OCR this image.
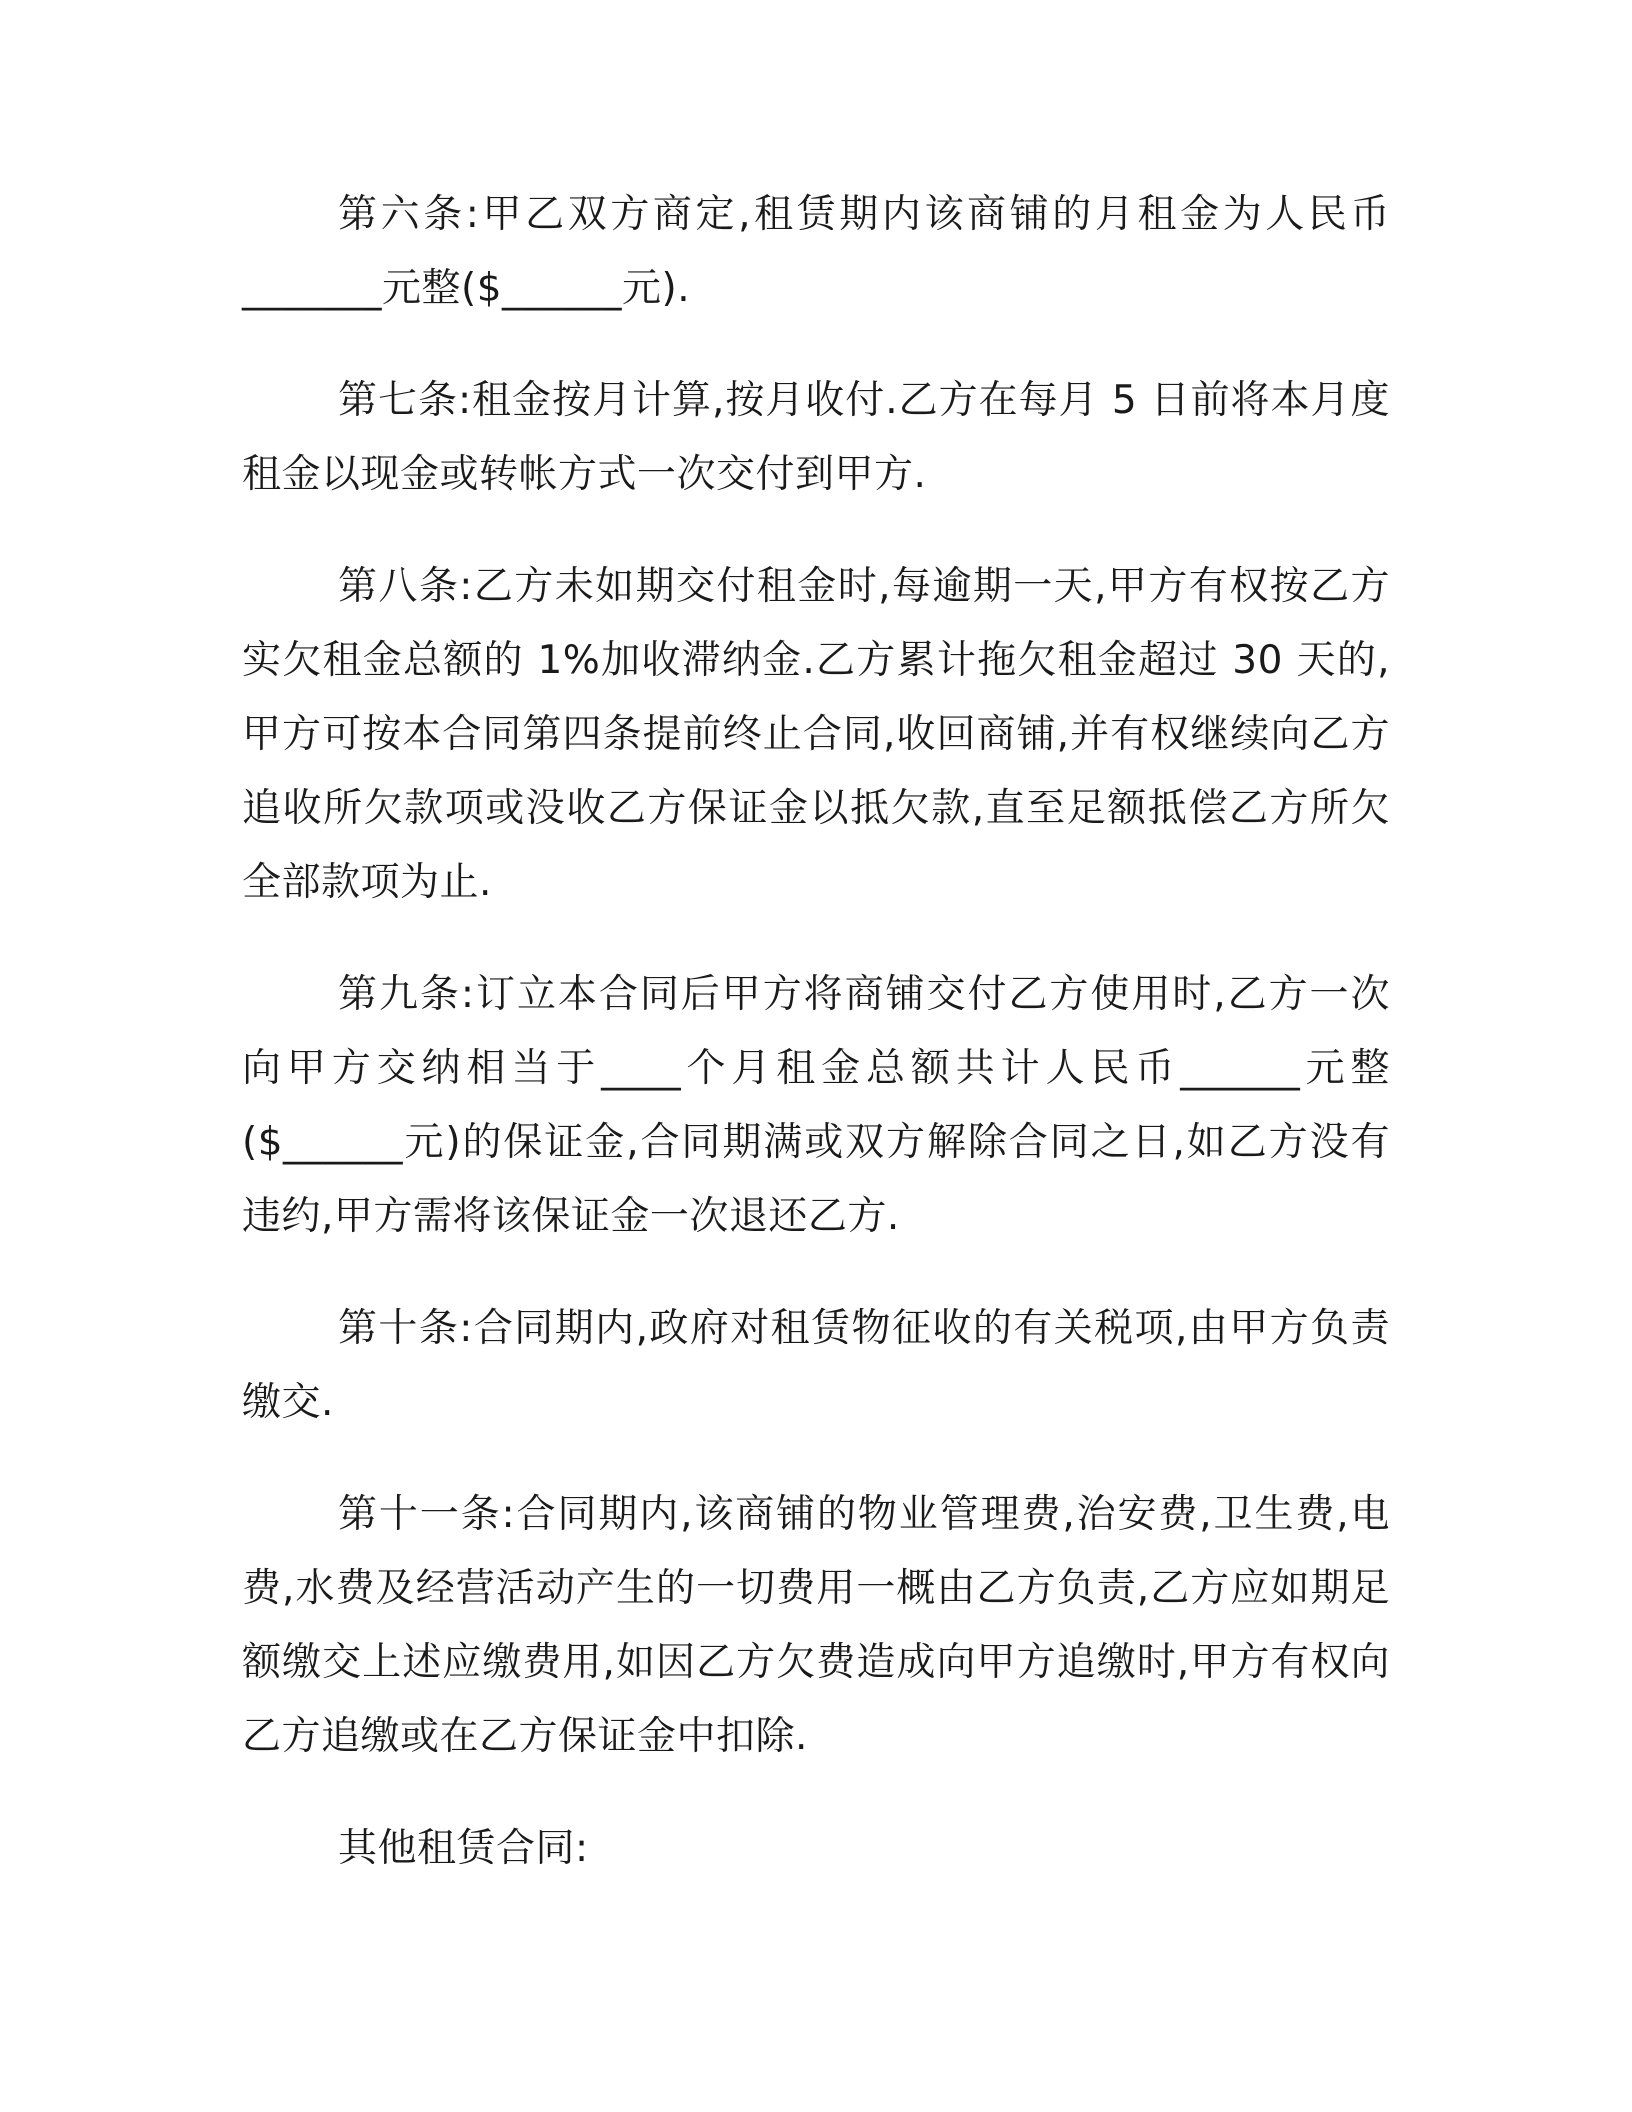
第六条:甲乙双方商定,租赁期内该商铺的月租金为人民币_______元整($______元).

第七条:租金按月计算,按月收付.乙方在每月 5 日前将本月度租金以现金或转帐方式一次交付到甲方.

第八条:乙方未如期交付租金时,每逾期一天,甲方有权按乙方实欠租金总额的 1%加收滞纳金.乙方累计拖欠租金超过 30 天的,甲方可按本合同第四条提前终止合同,收回商铺,并有权继续向乙方追收所欠款项或没收乙方保证金以抵欠款,直至足额抵偿乙方所欠全部款项为止.

第九条:订立本合同后甲方将商铺交付乙方使用时,乙方一次向甲方交纳相当于____个月租金总额共计人民币______元整($______元)的保证金,合同期满或双方解除合同之日,如乙方没有违约,甲方需将该保证金一次退还乙方.

第十条:合同期内,政府对租赁物征收的有关税项,由甲方负责缴交.

第十一条:合同期内,该商铺的物业管理费,治安费,卫生费,电费,水费及经营活动产生的一切费用一概由乙方负责,乙方应如期足额缴交上述应缴费用,如因乙方欠费造成向甲方追缴时,甲方有权向乙方追缴或在乙方保证金中扣除.

其他租赁合同:
